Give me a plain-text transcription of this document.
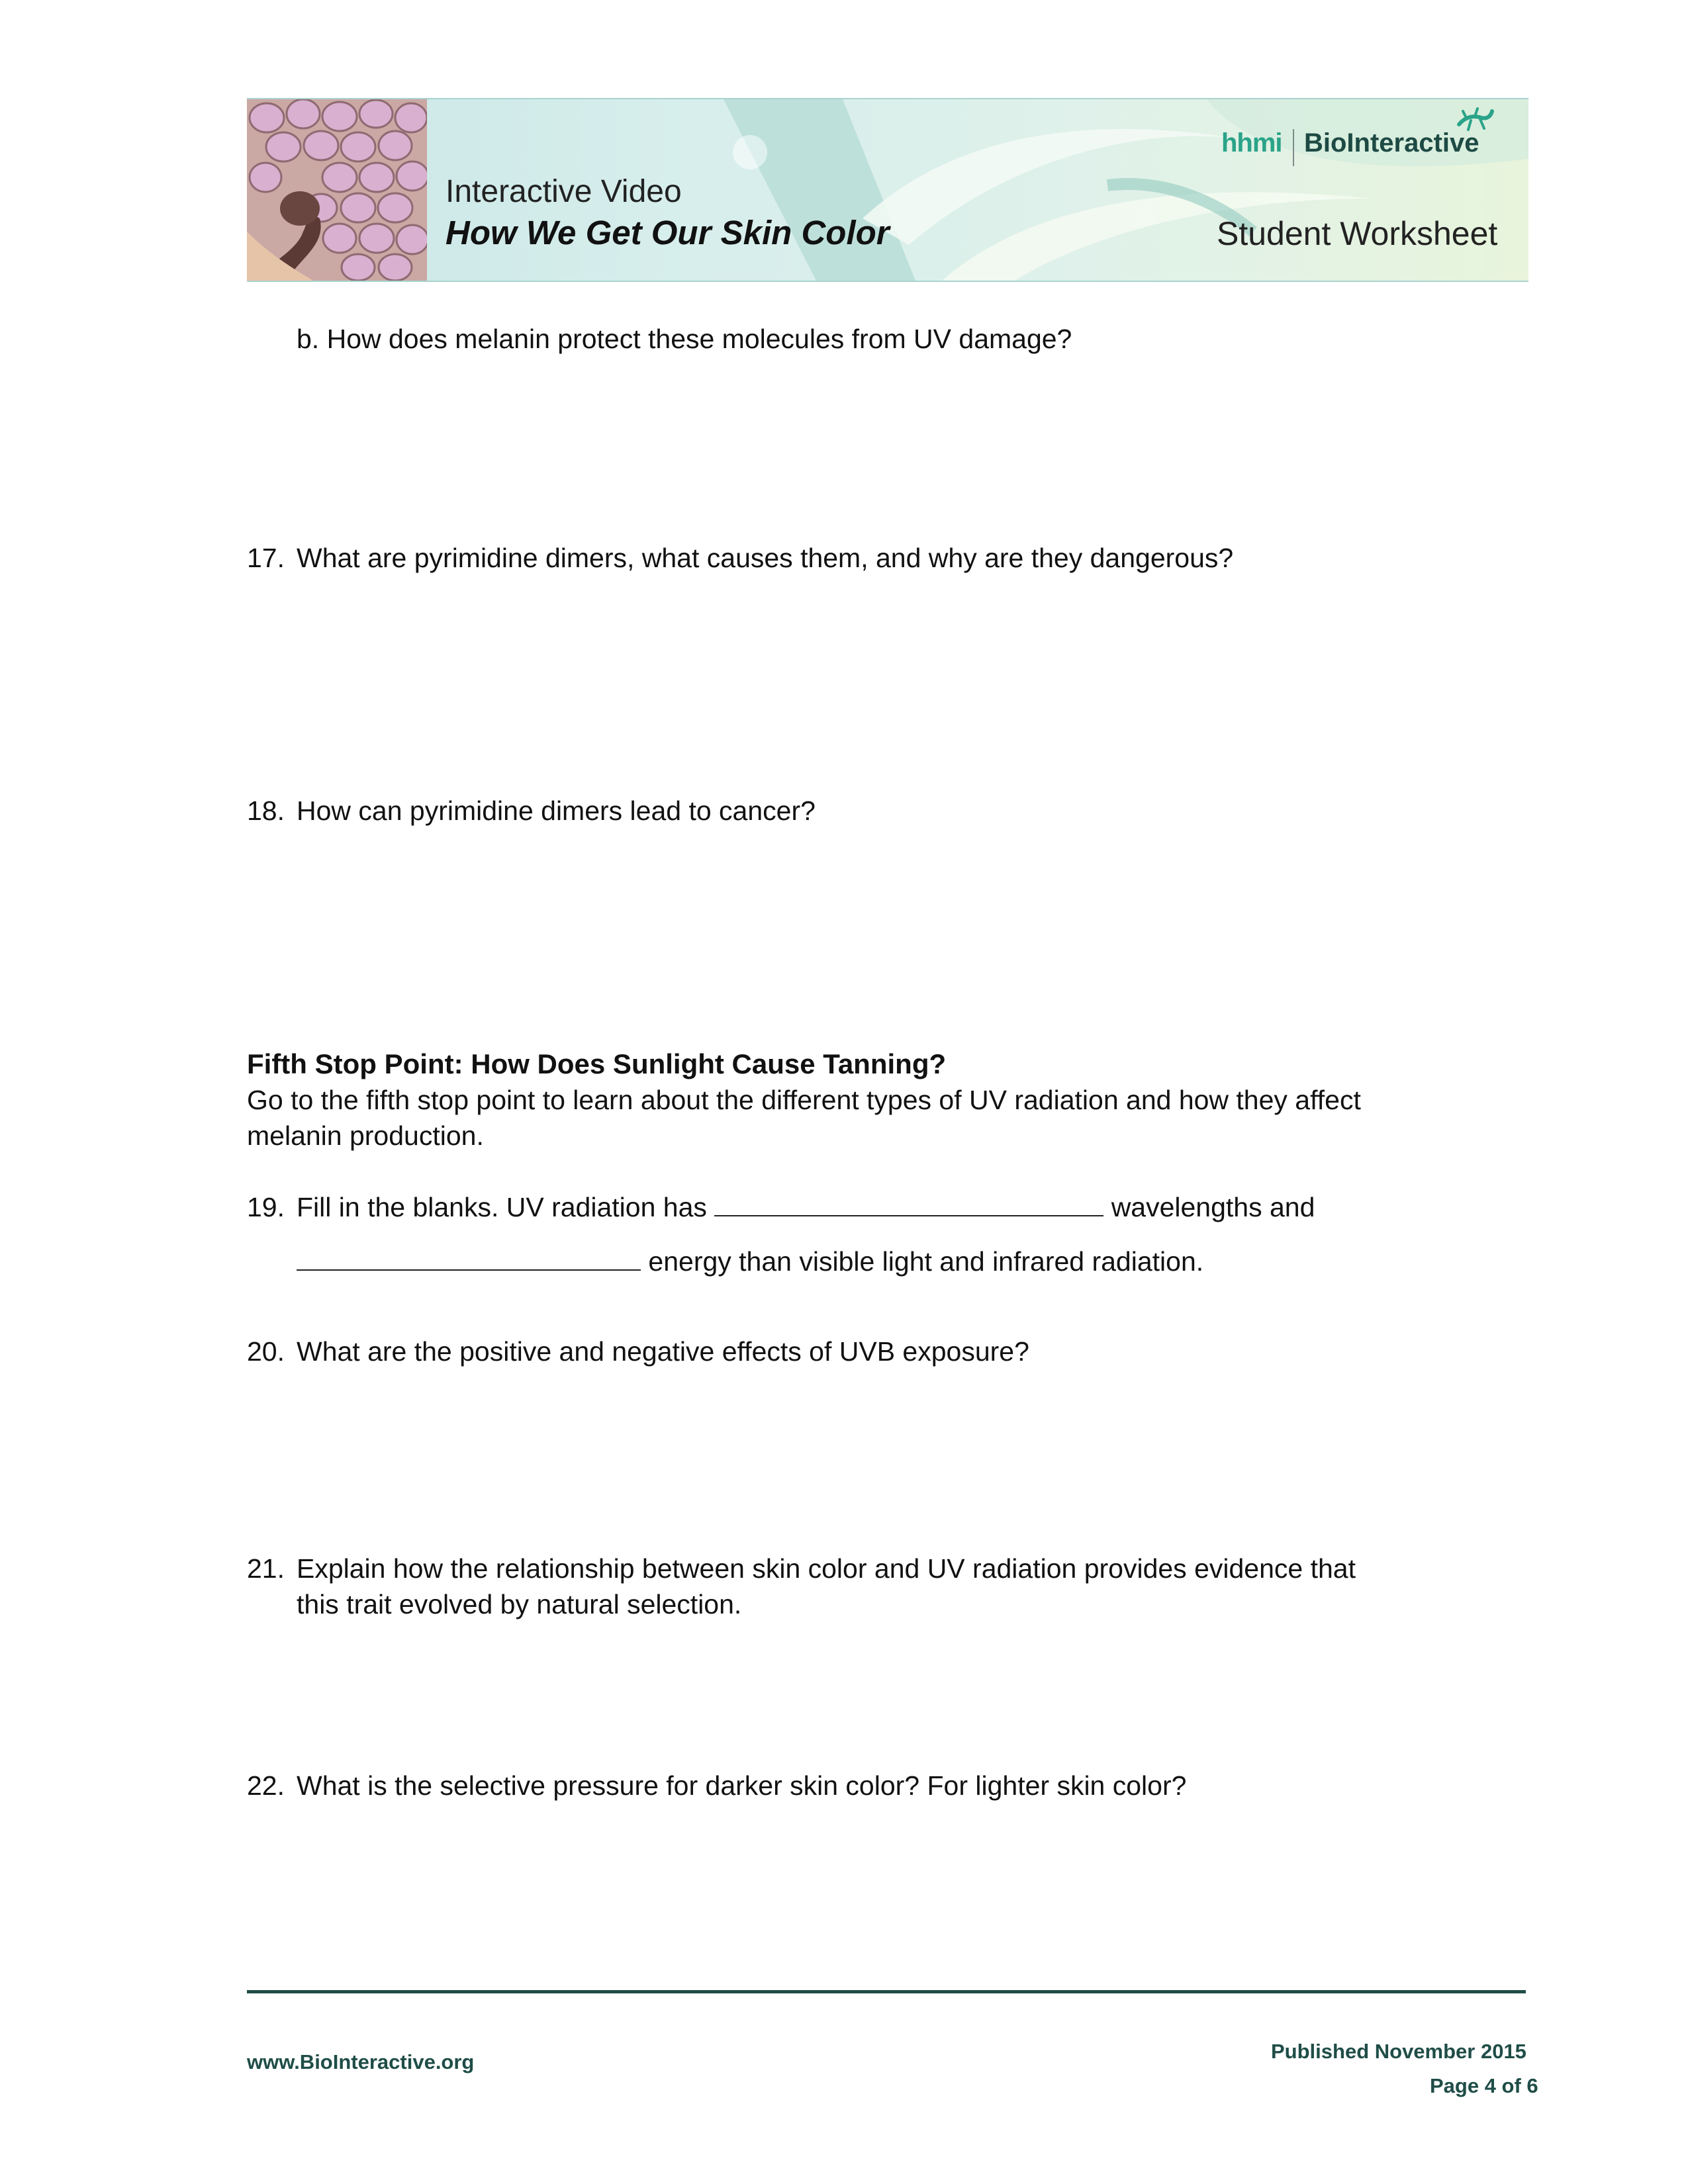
Interactive Video
How We Get Our Skin Color	Student Worksheet
hhmi BioInteractive
b. How does melanin protect these molecules from UV damage?
17. What are pyrimidine dimers, what causes them, and why are they dangerous?
18. How can pyrimidine dimers lead to cancer?
Fifth Stop Point: How Does Sunlight Cause Tanning?
Go to the fifth stop point to learn about the different types of UV radiation and how they affect
melanin production.
19. Fill in the blanks. UV radiation has	wavelengths and
energy than visible light and infrared radiation.
20. What are the positive and negative effects of UVB exposure?
21. Explain how the relationship between skin color and UV radiation provides evidence that
this trait evolved by natural selection.
22. What is the selective pressure for darker skin color? For lighter skin color?
www.BioInteractive.org	Published November 2015
Page 4 of 6
